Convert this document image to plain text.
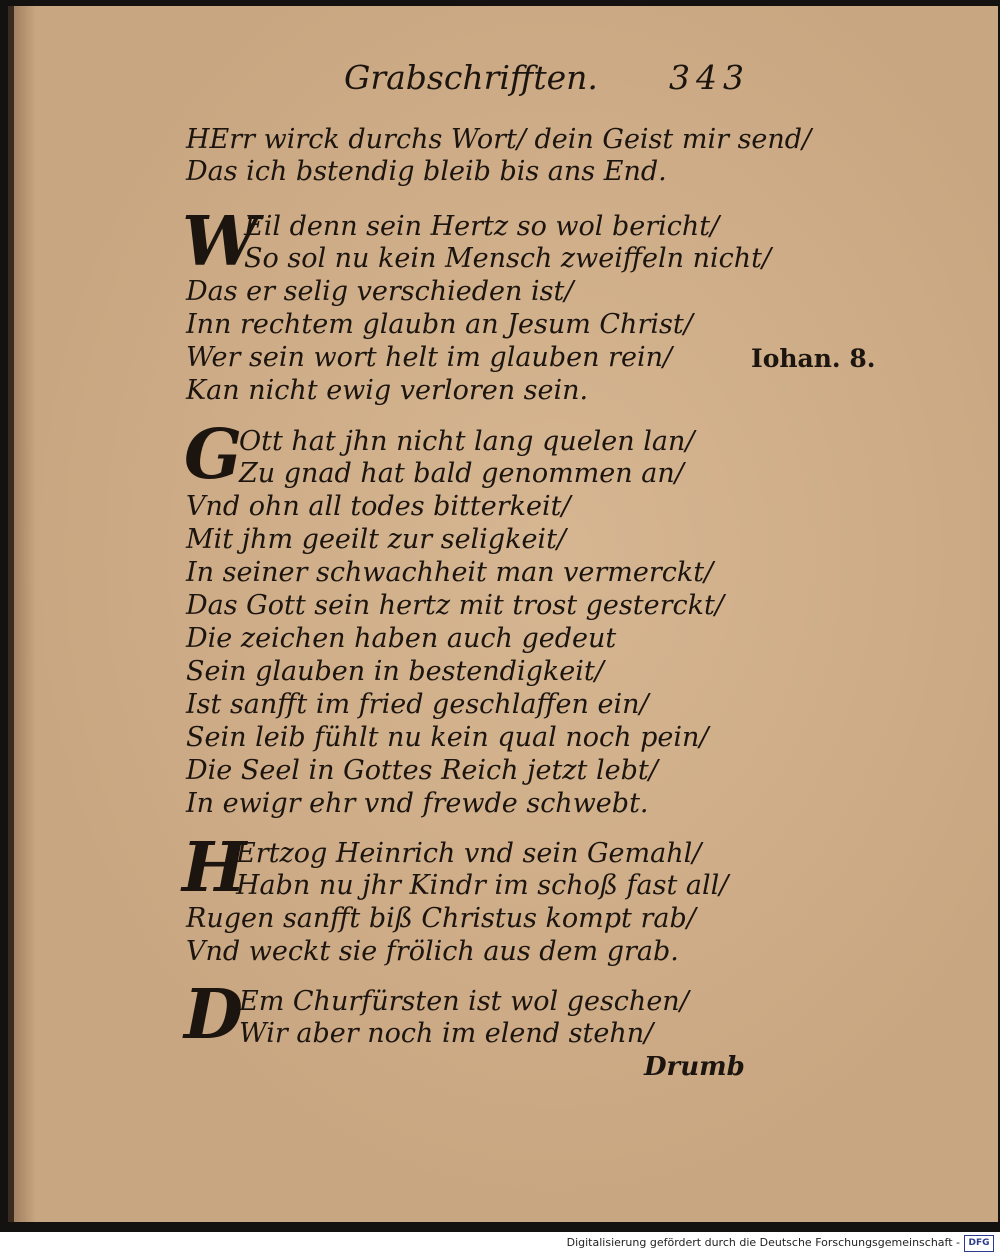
Grabschrifften. 343
HErr wirck durchs Wort/ dein Geist mir send/
Das ich bstendig bleib bis ans End.
W
Eil denn sein Hertz so wol bericht/
So sol nu kein Mensch zweiffeln nicht/
Das er selig verschieden ist/
Inn rechtem glaubn an Jesum Christ/
Wer sein wort helt im glauben rein/
Kan nicht ewig verloren sein.
Iohan. 8.
G
Ott hat jhn nicht lang quelen lan/
Zu gnad hat bald genommen an/
Vnd ohn all todes bitterkeit/
Mit jhm geeilt zur seligkeit/
In seiner schwachheit man vermerckt/
Das Gott sein hertz mit trost gesterckt/
Die zeichen haben auch gedeut
Sein glauben in bestendigkeit/
Ist sanfft im fried geschlaffen ein/
Sein leib fühlt nu kein qual noch pein/
Die Seel in Gottes Reich jetzt lebt/
In ewigr ehr vnd frewde schwebt.
H
Ertzog Heinrich vnd sein Gemahl/
Habn nu jhr Kindr im schoß fast all/
Rugen sanfft biß Christus kompt rab/
Vnd weckt sie frölich aus dem grab.
D
Em Churfürsten ist wol geschen/
Wir aber noch im elend stehn/
Drumb
Digitalisierung gefördert durch die Deutsche Forschungsgemeinschaft - DFG
